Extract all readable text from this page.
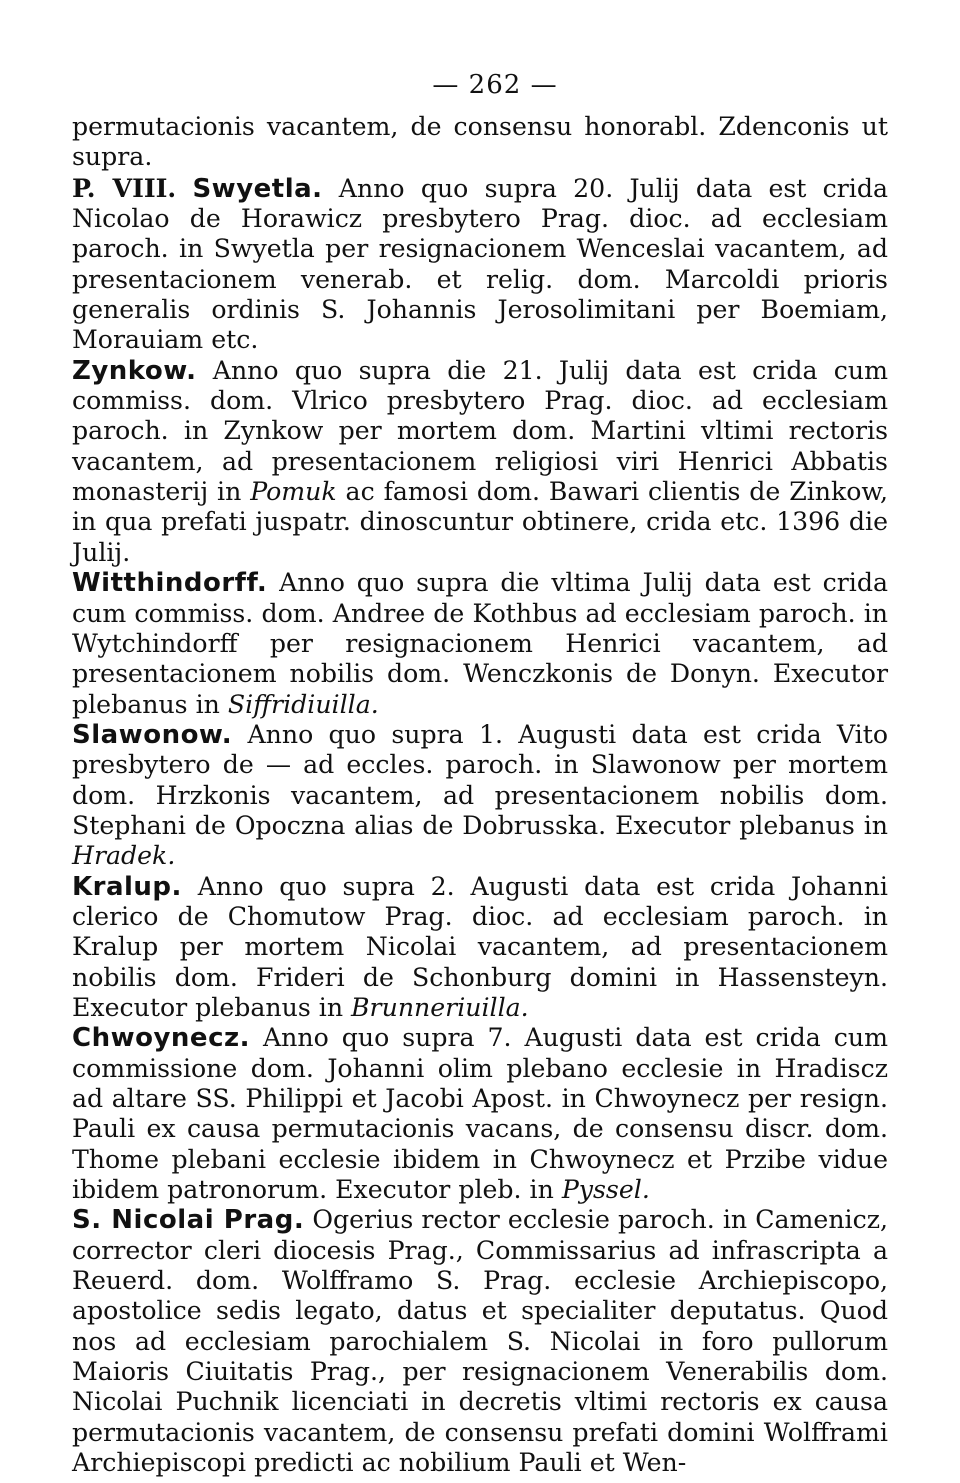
— 262 —

permutacionis vacantem, de consensu honorabl. Zdenconis ut supra.

P. VIII. Swyetla. Anno quo supra 20. Julij data est crida Nicolao de Horawicz presbytero Prag. dioc. ad ecclesiam paroch. in Swyetla per resignacionem Wenceslai vacantem, ad presentacionem venerab. et relig. dom. Marcoldi prioris generalis ordinis S. Johannis Jerosolimitani per Boemiam, Morauiam etc.

Zynkow. Anno quo supra die 21. Julij data est crida cum commiss. dom. Vlrico presbytero Prag. dioc. ad ecclesiam paroch. in Zynkow per mortem dom. Martini vltimi rectoris vacantem, ad presentacionem religiosi viri Henrici Abbatis monasterij in Pomuk ac famosi dom. Bawari clientis de Zinkow, in qua prefati juspatr. dinoscuntur obtinere, crida etc. 1396 die Julij.

Witthindorff. Anno quo supra die vltima Julij data est crida cum commiss. dom. Andree de Kothbus ad ecclesiam paroch. in Wytchindorff per resignacionem Henrici vacantem, ad presentacionem nobilis dom. Wenczkonis de Donyn. Executor plebanus in Siffridiuilla.

Slawonow. Anno quo supra 1. Augusti data est crida Vito presbytero de — ad eccles. paroch. in Slawonow per mortem dom. Hrzkonis vacantem, ad presentacionem nobilis dom. Stephani de Opoczna alias de Dobrusska. Executor plebanus in Hradek.

Kralup. Anno quo supra 2. Augusti data est crida Johanni clerico de Chomutow Prag. dioc. ad ecclesiam paroch. in Kralup per mortem Nicolai vacantem, ad presentacionem nobilis dom. Frideri de Schonburg domini in Hassensteyn. Executor plebanus in Brunneriuilla.

Chwoynecz. Anno quo supra 7. Augusti data est crida cum commissione dom. Johanni olim plebano ecclesie in Hradiscz ad altare SS. Philippi et Jacobi Apost. in Chwoynecz per resign. Pauli ex causa permutacionis vacans, de consensu discr. dom. Thome plebani ecclesie ibidem in Chwoynecz et Przibe vidue ibidem patronorum. Executor pleb. in Pyssel.

S. Nicolai Prag. Ogerius rector ecclesie paroch. in Camenicz, corrector cleri diocesis Prag., Commissarius ad infrascripta a Reuerd. dom. Wolfframo S. Prag. ecclesie Archiepiscopo, apostolice sedis legato, datus et specialiter deputatus. Quod nos ad ecclesiam parochialem S. Nicolai in foro pullorum Maioris Ciuitatis Prag., per resignacionem Venerabilis dom. Nicolai Puchnik licenciati in decretis vltimi rectoris ex causa permutacionis vacantem, de consensu prefati domini Wolfframi Archiepiscopi predicti ac nobilium Pauli et Wen-
